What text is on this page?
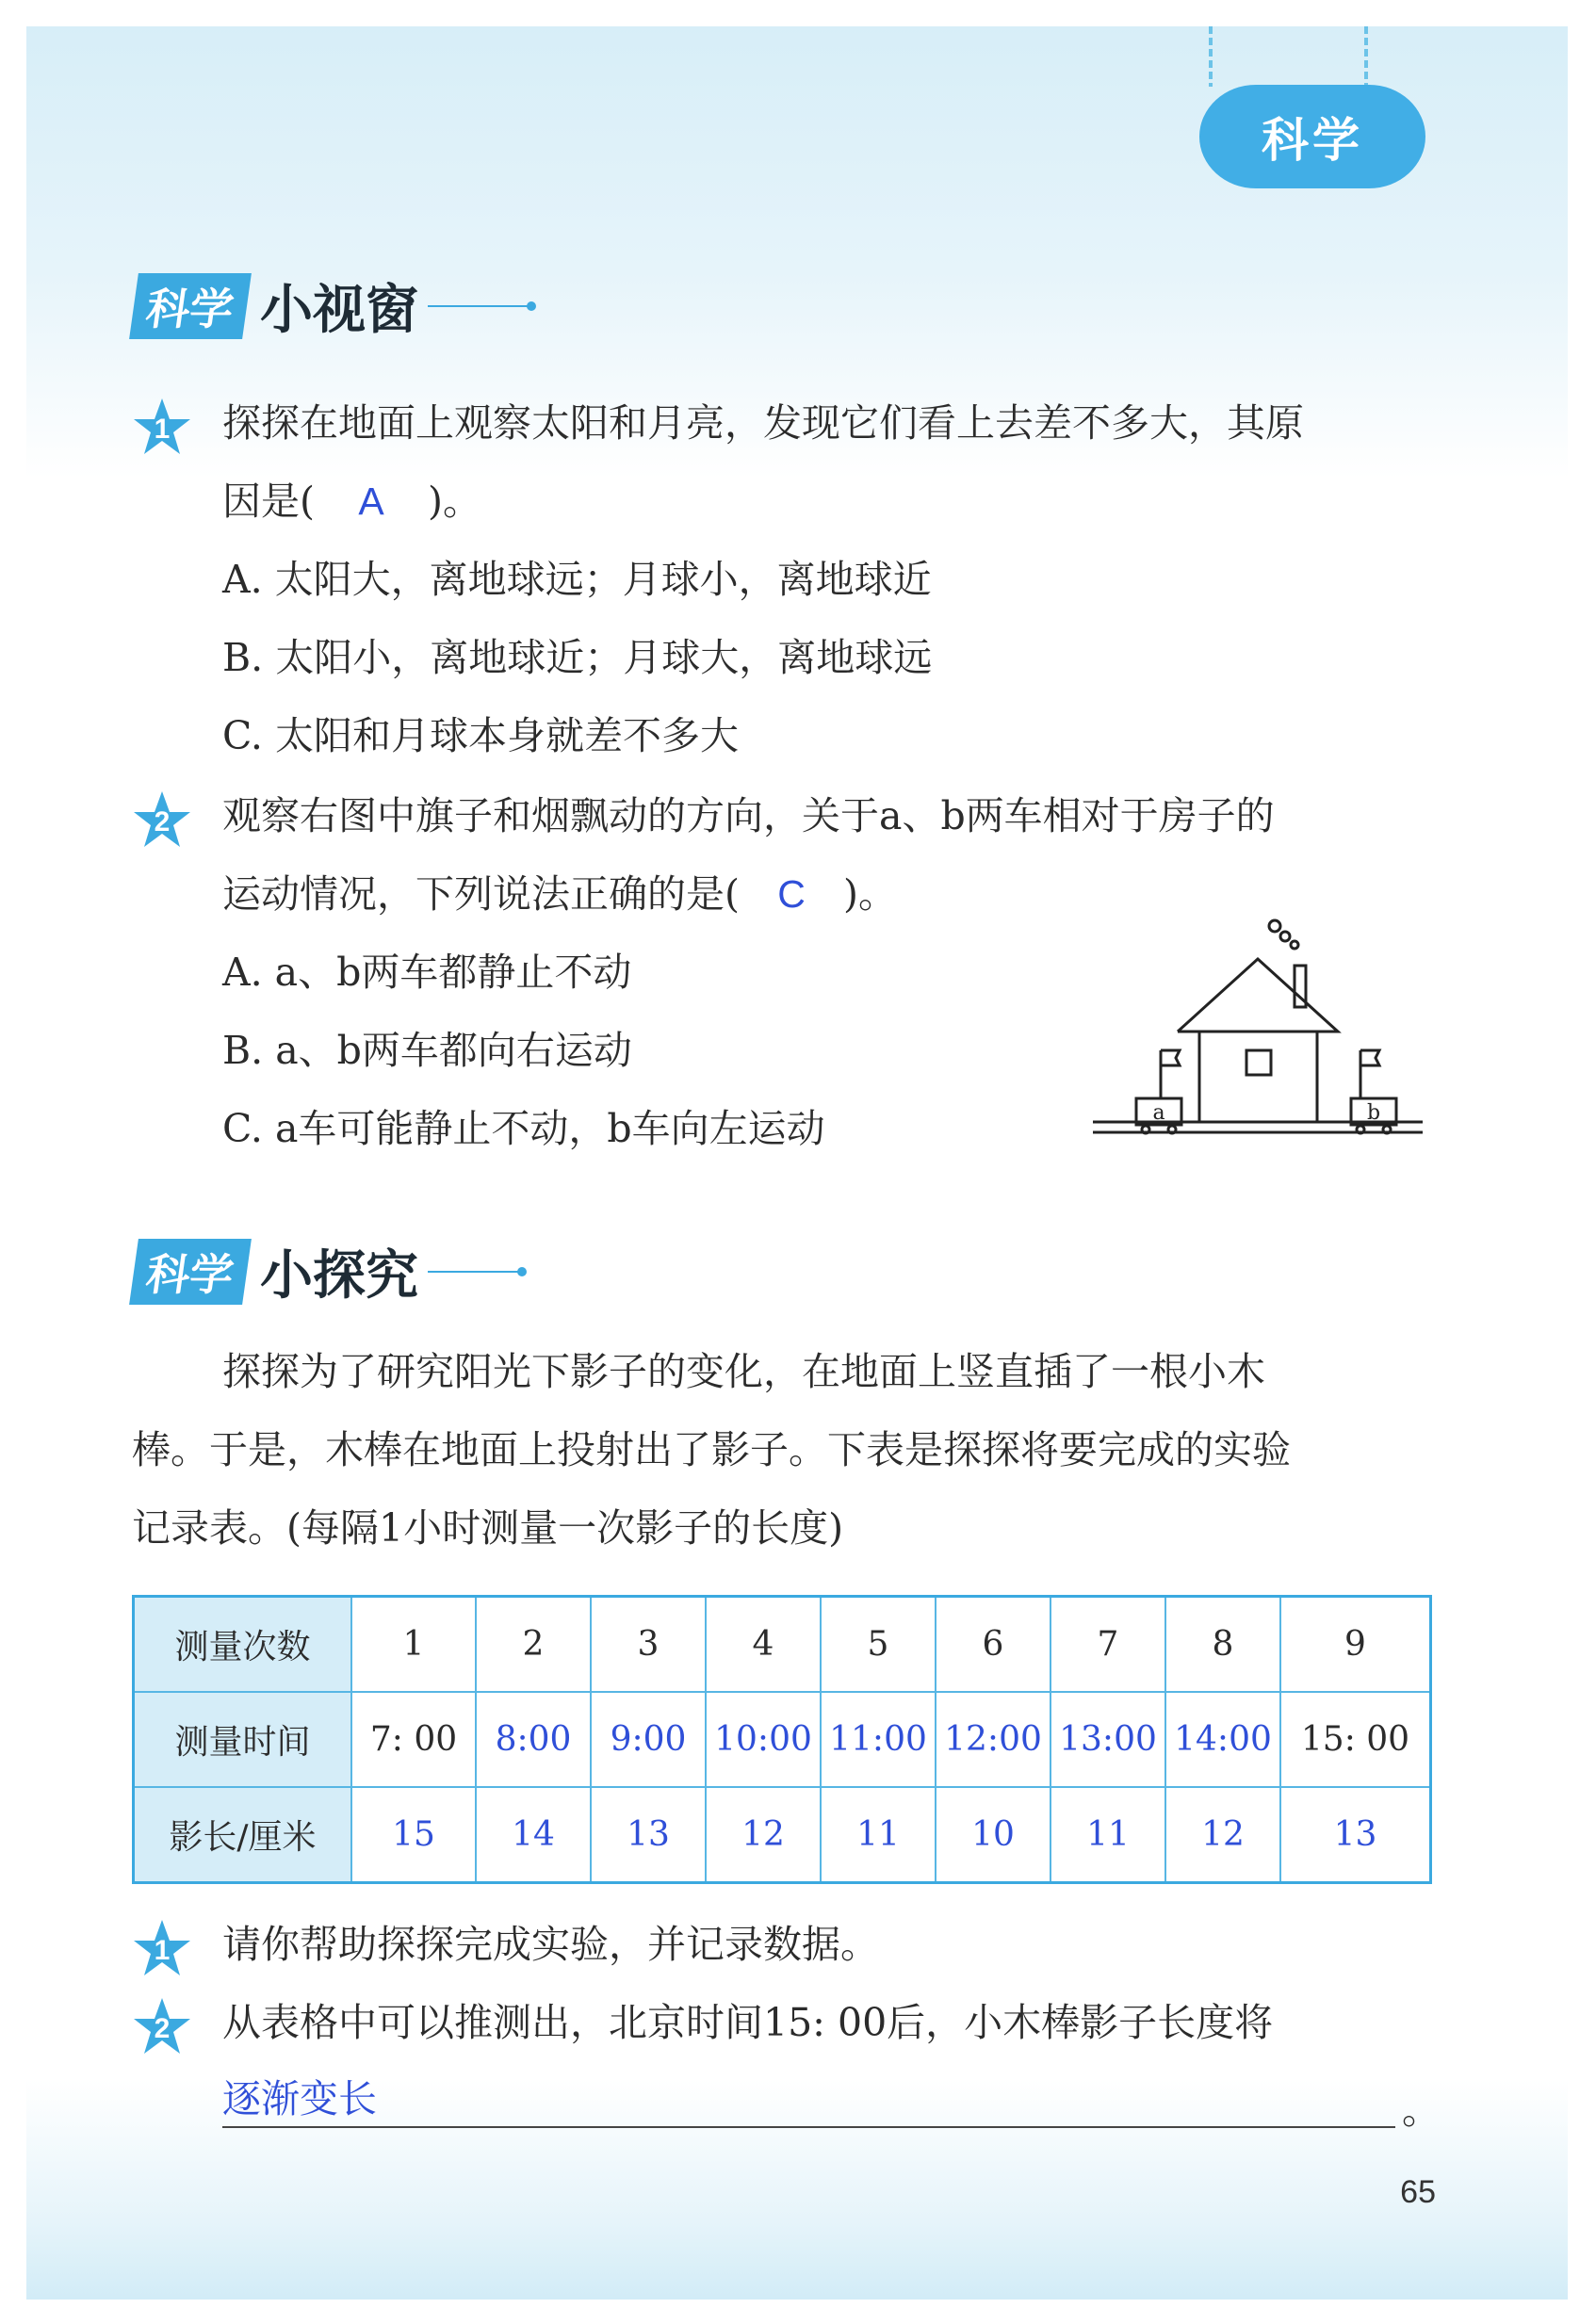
科学
科学 小视窗
1 探探在地面上观察太阳和月亮，发现它们看上去差不多大，其原
因是( A )。
A. 太阳大，离地球远；月球小，离地球近
B. 太阳小，离地球近；月球大，离地球远
C. 太阳和月球本身就差不多大
2 观察右图中旗子和烟飘动的方向，关于a、b两车相对于房子的
运动情况，下列说法正确的是( C )。
A. a、b两车都静止不动
B. a、b两车都向右运动
C. a车可能静止不动，b车向左运动	a	b
科学 小探究
探探为了研究阳光下影子的变化，在地面上竖直插了一根小木
棒。于是，木棒在地面上投射出了影子。下表是探探将要完成的实验
记录表。(每隔1小时测量一次影子的长度)
测量次数	1	2	3	4	5	6	7	8	9
测量时间	7: 00	8:00	9:00	10:00	11:00	12:00	13:00	14:00	15: 00
影长/厘米	15	14	13	12	11	10	11	12	13
1 请你帮助探探完成实验，并记录数据。
2 从表格中可以推测出，北京时间15: 00后，小木棒影子长度将
逐渐变长	。
65
